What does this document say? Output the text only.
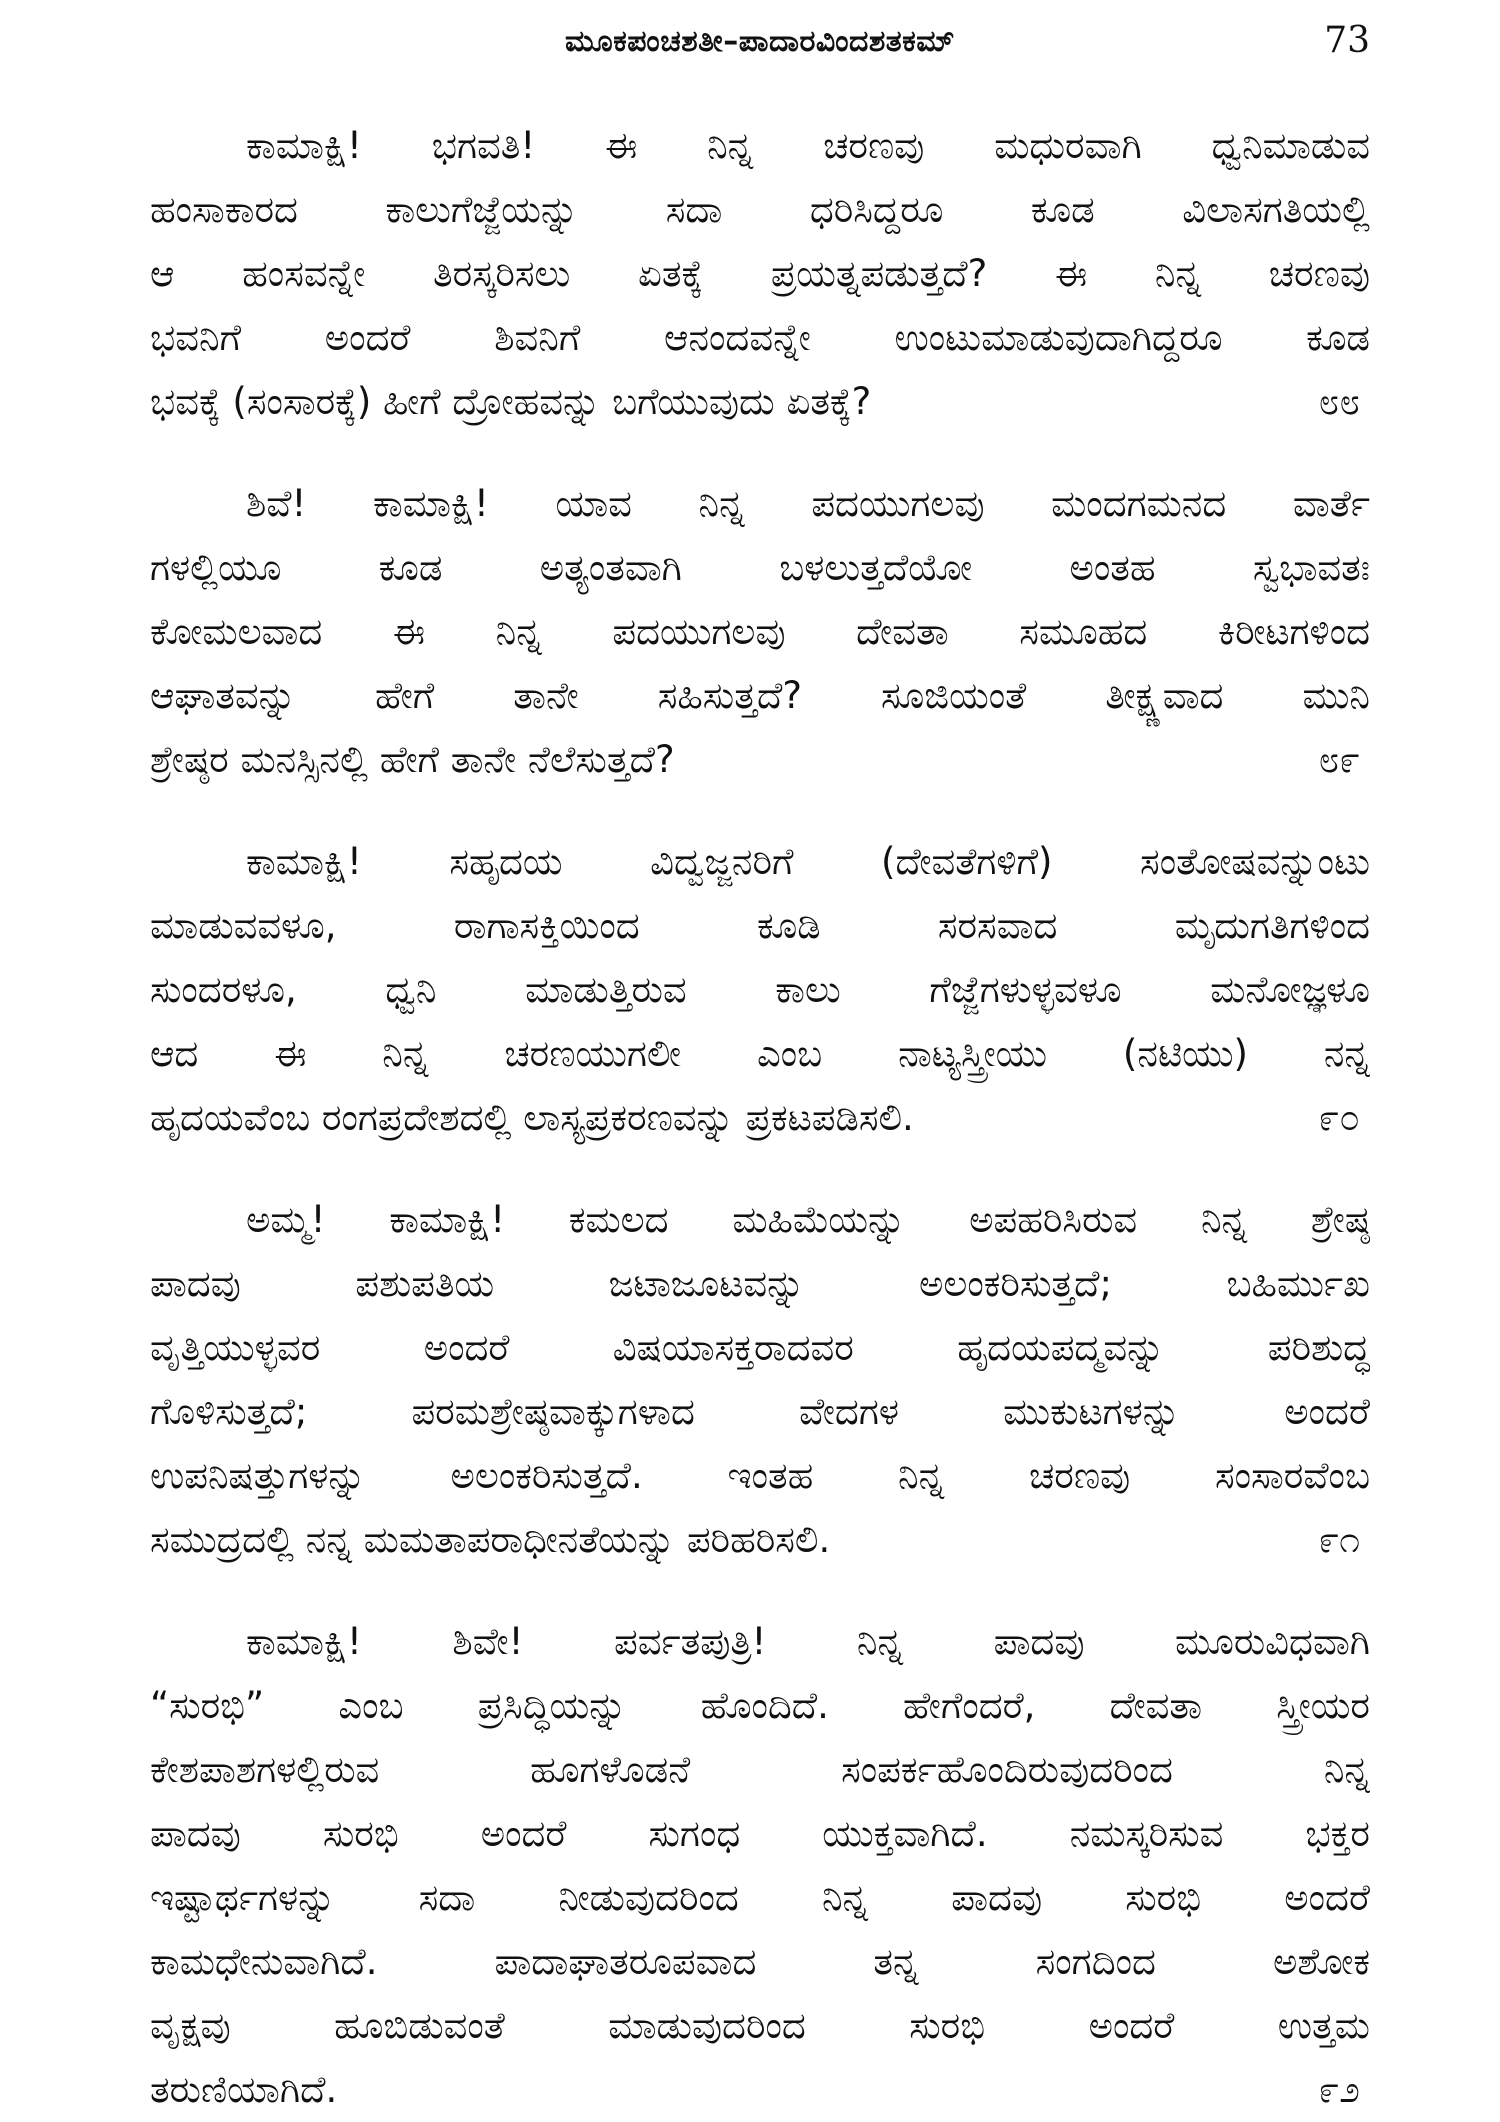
ಮೂಕಪಂಚಶತೀ–ಪಾದಾರವಿಂದಶತಕಮ್	73
ಕಾಮಾಕ್ಷಿ! ಭಗವತಿ! ಈ ನಿನ್ನ ಚರಣವು ಮಧುರವಾಗಿ ಧ್ವನಿಮಾಡುವ
ಹಂಸಾಕಾರದ ಕಾಲುಗೆಜ್ಜೆಯನ್ನು ಸದಾ ಧರಿಸಿದ್ದರೂ ಕೂಡ ವಿಲಾಸಗತಿಯಲ್ಲಿ
ಆ ಹಂಸವನ್ನೇ ತಿರಸ್ಕರಿಸಲು ಏತಕ್ಕೆ ಪ್ರಯತ್ನಪಡುತ್ತದೆ? ಈ ನಿನ್ನ ಚರಣವು
ಭವನಿಗೆ ಅಂದರೆ ಶಿವನಿಗೆ ಆನಂದವನ್ನೇ ಉಂಟುಮಾಡುವುದಾಗಿದ್ದರೂ ಕೂಡ
ಭವಕ್ಕೆ (ಸಂಸಾರಕ್ಕೆ) ಹೀಗೆ ದ್ರೋಹವನ್ನು ಬಗೆಯುವುದು ಏತಕ್ಕೆ?	೮೮
ಶಿವೆ! ಕಾಮಾಕ್ಷಿ! ಯಾವ ನಿನ್ನ ಪದಯುಗಲವು ಮಂದಗಮನದ ವಾರ್ತೆ
ಗಳಲ್ಲಿಯೂ ಕೂಡ ಅತ್ಯಂತವಾಗಿ ಬಳಲುತ್ತದೆಯೋ ಅಂತಹ ಸ್ವಭಾವತಃ
ಕೋಮಲವಾದ ಈ ನಿನ್ನ ಪದಯುಗಲವು ದೇವತಾ ಸಮೂಹದ ಕಿರೀಟಗಳಿಂದ
ಆಘಾತವನ್ನು ಹೇಗೆ ತಾನೇ ಸಹಿಸುತ್ತದೆ? ಸೂಜಿಯಂತೆ ತೀಕ್ಷ್ಣವಾದ ಮುನಿ
ಶ್ರೇಷ್ಠರ ಮನಸ್ಸಿನಲ್ಲಿ ಹೇಗೆ ತಾನೇ ನೆಲೆಸುತ್ತದೆ?	೮೯
ಕಾಮಾಕ್ಷಿ! ಸಹೃದಯ ವಿದ್ವಜ್ಜನರಿಗೆ (ದೇವತೆಗಳಿಗೆ) ಸಂತೋಷವನ್ನುಂಟು
ಮಾಡುವವಳೂ, ರಾಗಾಸಕ್ತಿಯಿಂದ ಕೂಡಿ ಸರಸವಾದ ಮೃದುಗತಿಗಳಿಂದ
ಸುಂದರಳೂ, ಧ್ವನಿ ಮಾಡುತ್ತಿರುವ ಕಾಲು ಗೆಜ್ಜೆಗಳುಳ್ಳವಳೂ ಮನೋಜ್ಞಳೂ
ಆದ ಈ ನಿನ್ನ ಚರಣಯುಗಲೀ ಎಂಬ ನಾಟ್ಯಸ್ತ್ರೀಯು (ನಟಿಯು) ನನ್ನ
ಹೃದಯವೆಂಬ ರಂಗಪ್ರದೇಶದಲ್ಲಿ ಲಾಸ್ಯಪ್ರಕರಣವನ್ನು ಪ್ರಕಟಪಡಿಸಲಿ.	೯೦
ಅಮ್ಮ! ಕಾಮಾಕ್ಷಿ! ಕಮಲದ ಮಹಿಮೆಯನ್ನು ಅಪಹರಿಸಿರುವ ನಿನ್ನ ಶ್ರೇಷ್ಠ
ಪಾದವು ಪಶುಪತಿಯ ಜಟಾಜೂಟವನ್ನು ಅಲಂಕರಿಸುತ್ತದೆ; ಬಹಿರ್ಮುಖ
ವೃತ್ತಿಯುಳ್ಳವರ ಅಂದರೆ ವಿಷಯಾಸಕ್ತರಾದವರ ಹೃದಯಪದ್ಮವನ್ನು ಪರಿಶುದ್ಧ
ಗೊಳಿಸುತ್ತದೆ; ಪರಮಶ್ರೇಷ್ಠವಾಕ್ಕುಗಳಾದ ವೇದಗಳ ಮುಕುಟಗಳನ್ನು ಅಂದರೆ
ಉಪನಿಷತ್ತುಗಳನ್ನು ಅಲಂಕರಿಸುತ್ತದೆ. ಇಂತಹ ನಿನ್ನ ಚರಣವು ಸಂಸಾರವೆಂಬ
ಸಮುದ್ರದಲ್ಲಿ ನನ್ನ ಮಮತಾಪರಾಧೀನತೆಯನ್ನು ಪರಿಹರಿಸಲಿ.	೯೧
ಕಾಮಾಕ್ಷಿ! ಶಿವೇ! ಪರ್ವತಪುತ್ರಿ! ನಿನ್ನ ಪಾದವು ಮೂರುವಿಧವಾಗಿ
“ಸುರಭಿ” ಎಂಬ ಪ್ರಸಿದ್ಧಿಯನ್ನು ಹೊಂದಿದೆ. ಹೇಗೆಂದರೆ, ದೇವತಾ ಸ್ತ್ರೀಯರ
ಕೇಶಪಾಶಗಳಲ್ಲಿರುವ ಹೂಗಳೊಡನೆ ಸಂಪರ್ಕಹೊಂದಿರುವುದರಿಂದ ನಿನ್ನ
ಪಾದವು ಸುರಭಿ ಅಂದರೆ ಸುಗಂಧ ಯುಕ್ತವಾಗಿದೆ. ನಮಸ್ಕರಿಸುವ ಭಕ್ತರ
ಇಷ್ಟಾರ್ಥಗಳನ್ನು ಸದಾ ನೀಡುವುದರಿಂದ ನಿನ್ನ ಪಾದವು ಸುರಭಿ ಅಂದರೆ
ಕಾಮಧೇನುವಾಗಿದೆ. ಪಾದಾಘಾತರೂಪವಾದ ತನ್ನ ಸಂಗದಿಂದ ಅಶೋಕ
ವೃಕ್ಷವು ಹೂಬಿಡುವಂತೆ ಮಾಡುವುದರಿಂದ ಸುರಭಿ ಅಂದರೆ ಉತ್ತಮ
ತರುಣಿಯಾಗಿದೆ.	೯೨
